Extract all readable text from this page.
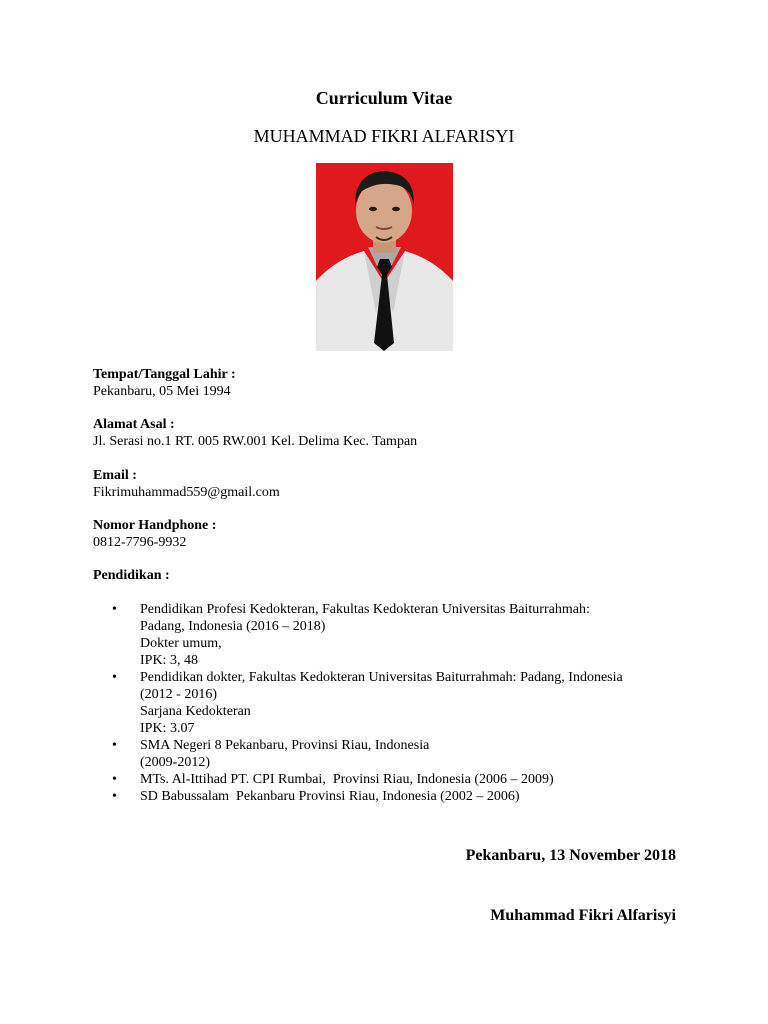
Curriculum Vitae
MUHAMMAD FIKRI ALFARISYI
Tempat/Tanggal Lahir :
Pekanbaru, 05 Mei 1994
Alamat Asal :
Jl. Serasi no.1 RT. 005 RW.001 Kel. Delima Kec. Tampan
Email :
Fikrimuhammad559@gmail.com
Nomor Handphone :
0812-7796-9932
Pendidikan :
•	Pendidikan Profesi Kedokteran, Fakultas Kedokteran Universitas Baiturrahmah:
Padang, Indonesia (2016 – 2018)
Dokter umum,
IPK: 3, 48
•	Pendidikan dokter, Fakultas Kedokteran Universitas Baiturrahmah: Padang, Indonesia
(2012 - 2016)
Sarjana Kedokteran
IPK: 3.07
•	SMA Negeri 8 Pekanbaru, Provinsi Riau, Indonesia
(2009-2012)
•	MTs. Al-Ittihad PT. CPI Rumbai,  Provinsi Riau, Indonesia (2006 – 2009)
•	SD Babussalam  Pekanbaru Provinsi Riau, Indonesia (2002 – 2006)
Pekanbaru, 13 November 2018
Muhammad Fikri Alfarisyi
